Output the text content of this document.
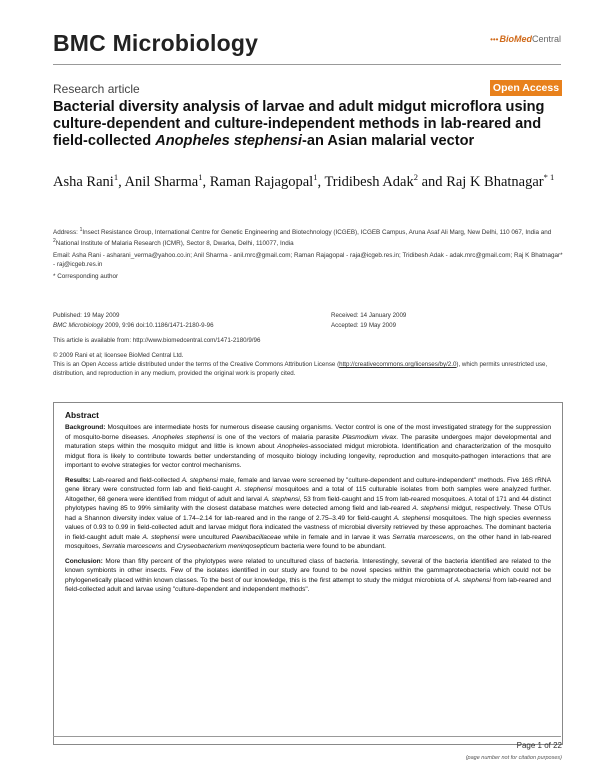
BMC Microbiology	•••BioMedCentral
Research article	Open Access
Bacterial diversity analysis of larvae and adult midgut microflora using culture-dependent and culture-independent methods in lab-reared and field-collected Anopheles stephensi-an Asian malarial vector
Asha Rani$^1$, Anil Sharma$^1$, Raman Rajagopal$^1$, Tridibesh Adak$^2$ and Raj K Bhatnagar$^{* 1}$

Address: $^1$Insect Resistance Group, International Centre for Genetic Engineering and Biotechnology (ICGEB), ICGEB Campus, Aruna Asaf Ali Marg, New Delhi, 110 067, India and $^2$National Institute of Malaria Research (ICMR), Sector 8, Dwarka, Delhi, 110077, India

Email: Asha Rani - asharani_verma@yahoo.co.in; Anil Sharma - anil.mrc@gmail.com; Raman Rajagopal - raja@icgeb.res.in; Tridibesh Adak - adak.mrc@gmail.com; Raj K Bhatnagar* - raj@icgeb.res.in

* Corresponding author

Published: 19 May 2009
BMC Microbiology 2009, 9:96 doi:10.1186/1471-2180-9-96
Received: 14 January 2009
Accepted: 19 May 2009
This article is available from: http://www.biomedcentral.com/1471-2180/9/96
© 2009 Rani et al; licensee BioMed Central Ltd.
This is an Open Access article distributed under the terms of the Creative Commons Attribution License (http://creativecommons.org/licenses/by/2.0), which permits unrestricted use, distribution, and reproduction in any medium, provided the original work is properly cited.
Abstract

Background: Mosquitoes are intermediate hosts for numerous disease causing organisms. Vector control is one of the most investigated strategy for the suppression of mosquito-borne diseases. Anopheles stephensi is one of the vectors of malaria parasite Plasmodium vivax. The parasite undergoes major developmental and maturation steps within the mosquito midgut and little is known about Anopheles-associated midgut microbiota. Identification and characterization of the mosquito midgut flora is likely to contribute towards better understanding of mosquito biology including longevity, reproduction and mosquito-pathogen interactions that are important to evolve strategies for vector control mechanisms.

Results: Lab-reared and field-collected A. stephensi male, female and larvae were screened by "culture-dependent and culture-independent" methods. Five 16S rRNA gene library were constructed form lab and field-caught A. stephensi mosquitoes and a total of 115 culturable isolates from both samples were analyzed further. Altogether, 68 genera were identified from midgut of adult and larval A. stephensi, 53 from field-caught and 15 from lab-reared mosquitoes. A total of 171 and 44 distinct phylotypes having 85 to 99% similarity with the closest database matches were detected among field and lab-reared A. stephensi midgut, respectively. These OTUs had a Shannon diversity index value of 1.74–2.14 for lab-reared and in the range of 2.75–3.49 for field-caught A. stephensi mosquitoes. The high species evenness values of 0.93 to 0.99 in field-collected adult and larvae midgut flora indicated the vastness of microbial diversity retrieved by these approaches. The dominant bacteria in field-caught adult male A. stephensi were uncultured Paenibacillaceae while in female and in larvae it was Serratia marcescens, on the other hand in lab-reared mosquitoes, Serratia marcescens and Cryseobacterium meninqosepticum bacteria were found to be abundant.

Conclusion: More than fifty percent of the phylotypes were related to uncultured class of bacteria. Interestingly, several of the bacteria identified are related to the known symbionts in other insects. Few of the isolates identified in our study are found to be novel species within the gammaproteobacteria which could not be phylogenetically placed within known classes. To the best of our knowledge, this is the first attempt to study the midgut microbiota of A. stephensi from lab-reared and field-collected adult and larvae using "culture-dependent and independent methods".

Page 1 of 22
(page number not for citation purposes)
